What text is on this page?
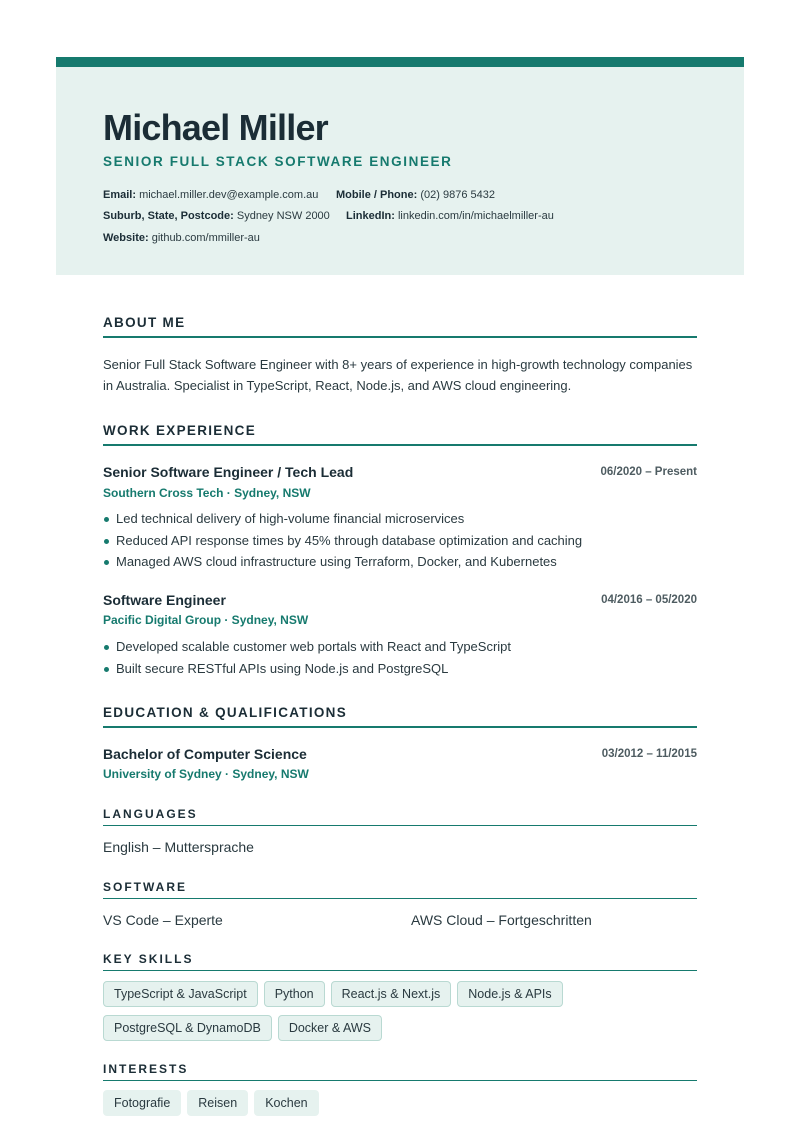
Michael Miller
SENIOR FULL STACK SOFTWARE ENGINEER
Email: michael.miller.dev@example.com.au Mobile / Phone: (02) 9876 5432
Suburb, State, Postcode: Sydney NSW 2000 LinkedIn: linkedin.com/in/michaelmiller-au
Website: github.com/mmiller-au
ABOUT ME
Senior Full Stack Software Engineer with 8+ years of experience in high-growth technology companies in Australia. Specialist in TypeScript, React, Node.js, and AWS cloud engineering.
WORK EXPERIENCE
Senior Software Engineer / Tech Lead	06/2020 – Present
Southern Cross Tech · Sydney, NSW
Led technical delivery of high-volume financial microservices
Reduced API response times by 45% through database optimization and caching
Managed AWS cloud infrastructure using Terraform, Docker, and Kubernetes
Software Engineer	04/2016 – 05/2020
Pacific Digital Group · Sydney, NSW
Developed scalable customer web portals with React and TypeScript
Built secure RESTful APIs using Node.js and PostgreSQL
EDUCATION & QUALIFICATIONS
Bachelor of Computer Science	03/2012 – 11/2015
University of Sydney · Sydney, NSW
LANGUAGES
English – Muttersprache
SOFTWARE
VS Code – Experte	AWS Cloud – Fortgeschritten
KEY SKILLS
TypeScript & JavaScript Python React.js & Next.js Node.js & APIs
PostgreSQL & DynamoDB Docker & AWS
INTERESTS
Fotografie Reisen Kochen
